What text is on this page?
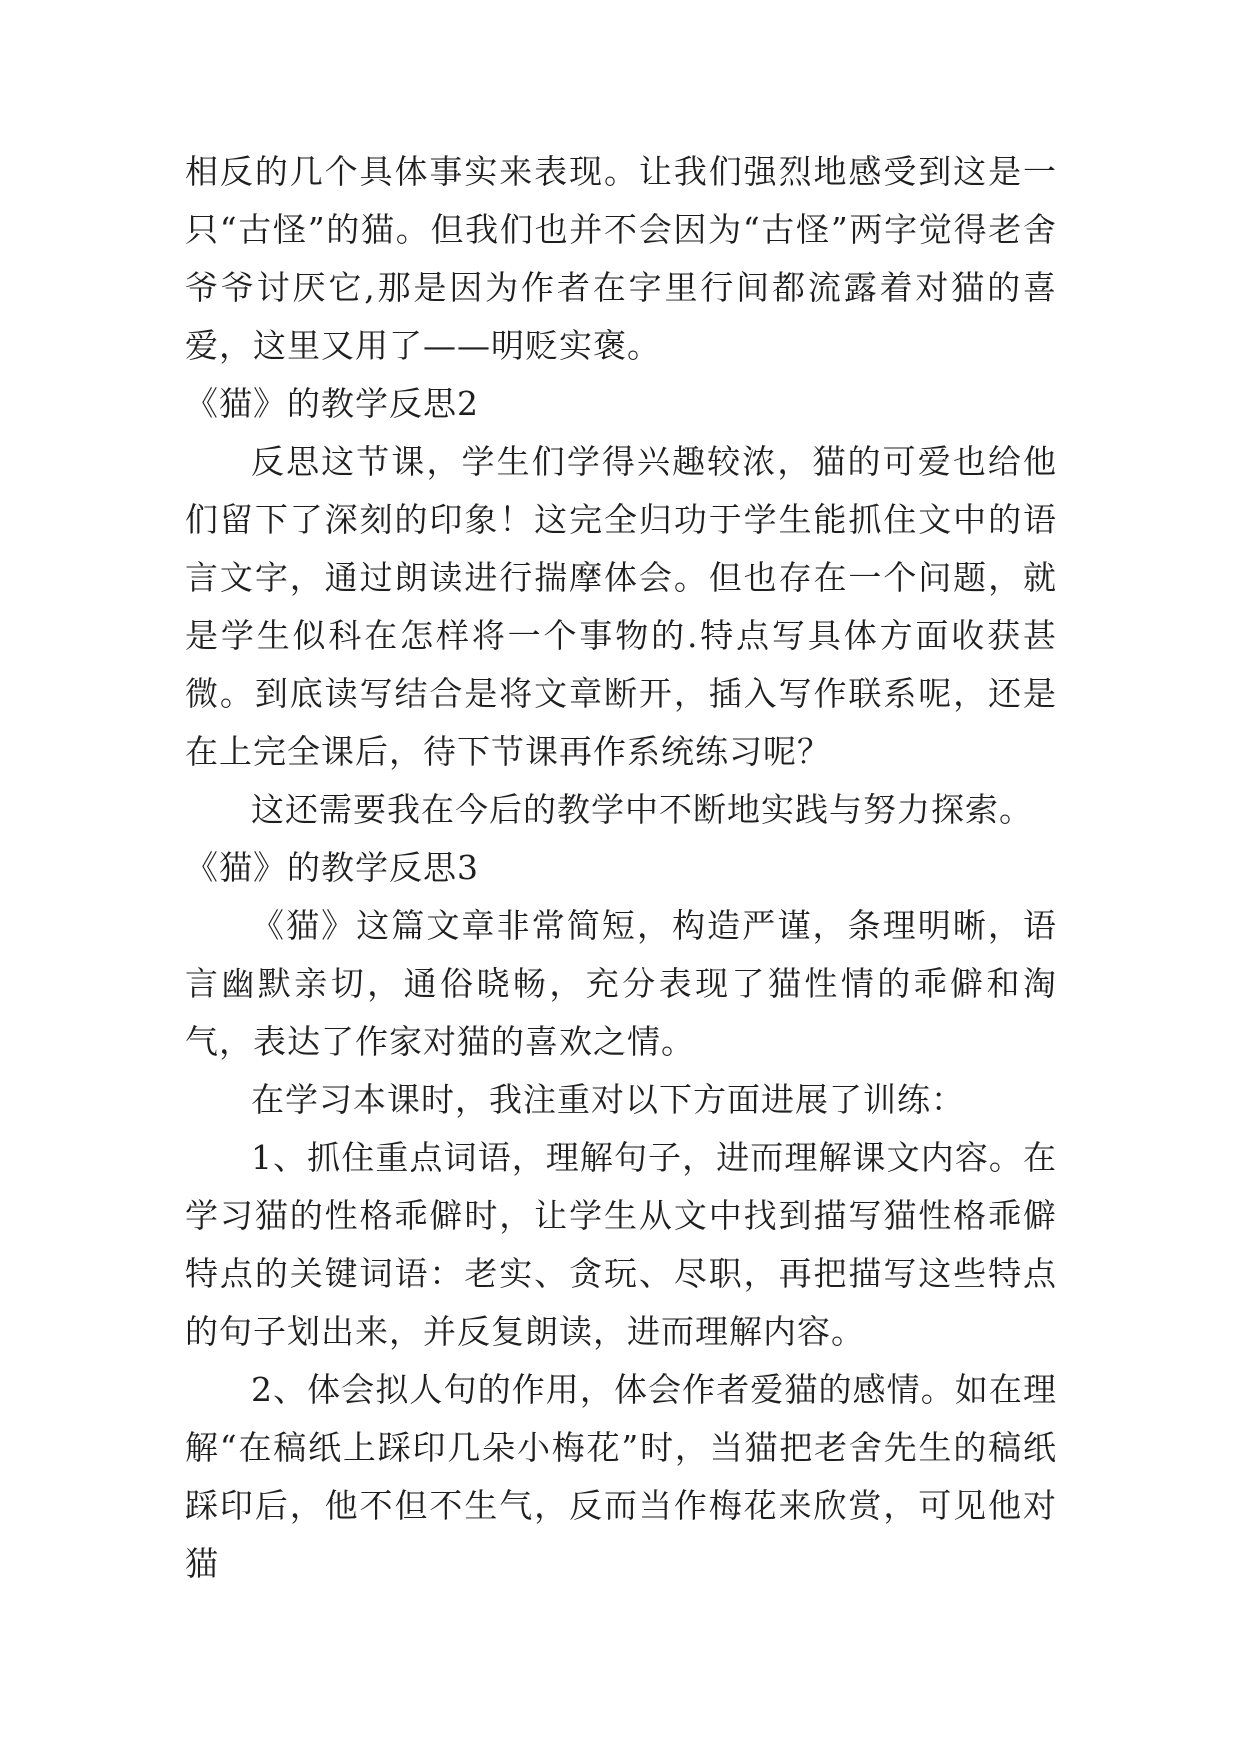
相反的几个具体事实来表现。让我们强烈地感受到这是一只“古怪”的猫。但我们也并不会因为“古怪”两字觉得老舍爷爷讨厌它,那是因为作者在字里行间都流露着对猫的喜爱，这里又用了——明贬实褒。

《猫》的教学反思2

反思这节课，学生们学得兴趣较浓，猫的可爱也给他们留下了深刻的印象！这完全归功于学生能抓住文中的语言文字，通过朗读进行揣摩体会。但也存在一个问题，就是学生似科在怎样将一个事物的.特点写具体方面收获甚微。到底读写结合是将文章断开，插入写作联系呢，还是在上完全课后，待下节课再作系统练习呢？

这还需要我在今后的教学中不断地实践与努力探索。

《猫》的教学反思3

《猫》这篇文章非常简短，构造严谨，条理明晰，语言幽默亲切，通俗晓畅，充分表现了猫性情的乖僻和淘气，表达了作家对猫的喜欢之情。

在学习本课时，我注重对以下方面进展了训练：

1、抓住重点词语，理解句子，进而理解课文内容。在学习猫的性格乖僻时，让学生从文中找到描写猫性格乖僻特点的关键词语：老实、贪玩、尽职，再把描写这些特点的句子划出来，并反复朗读，进而理解内容。

2、体会拟人句的作用，体会作者爱猫的感情。如在理解“在稿纸上踩印几朵小梅花”时，当猫把老舍先生的稿纸踩印后，他不但不生气，反而当作梅花来欣赏，可见他对猫
